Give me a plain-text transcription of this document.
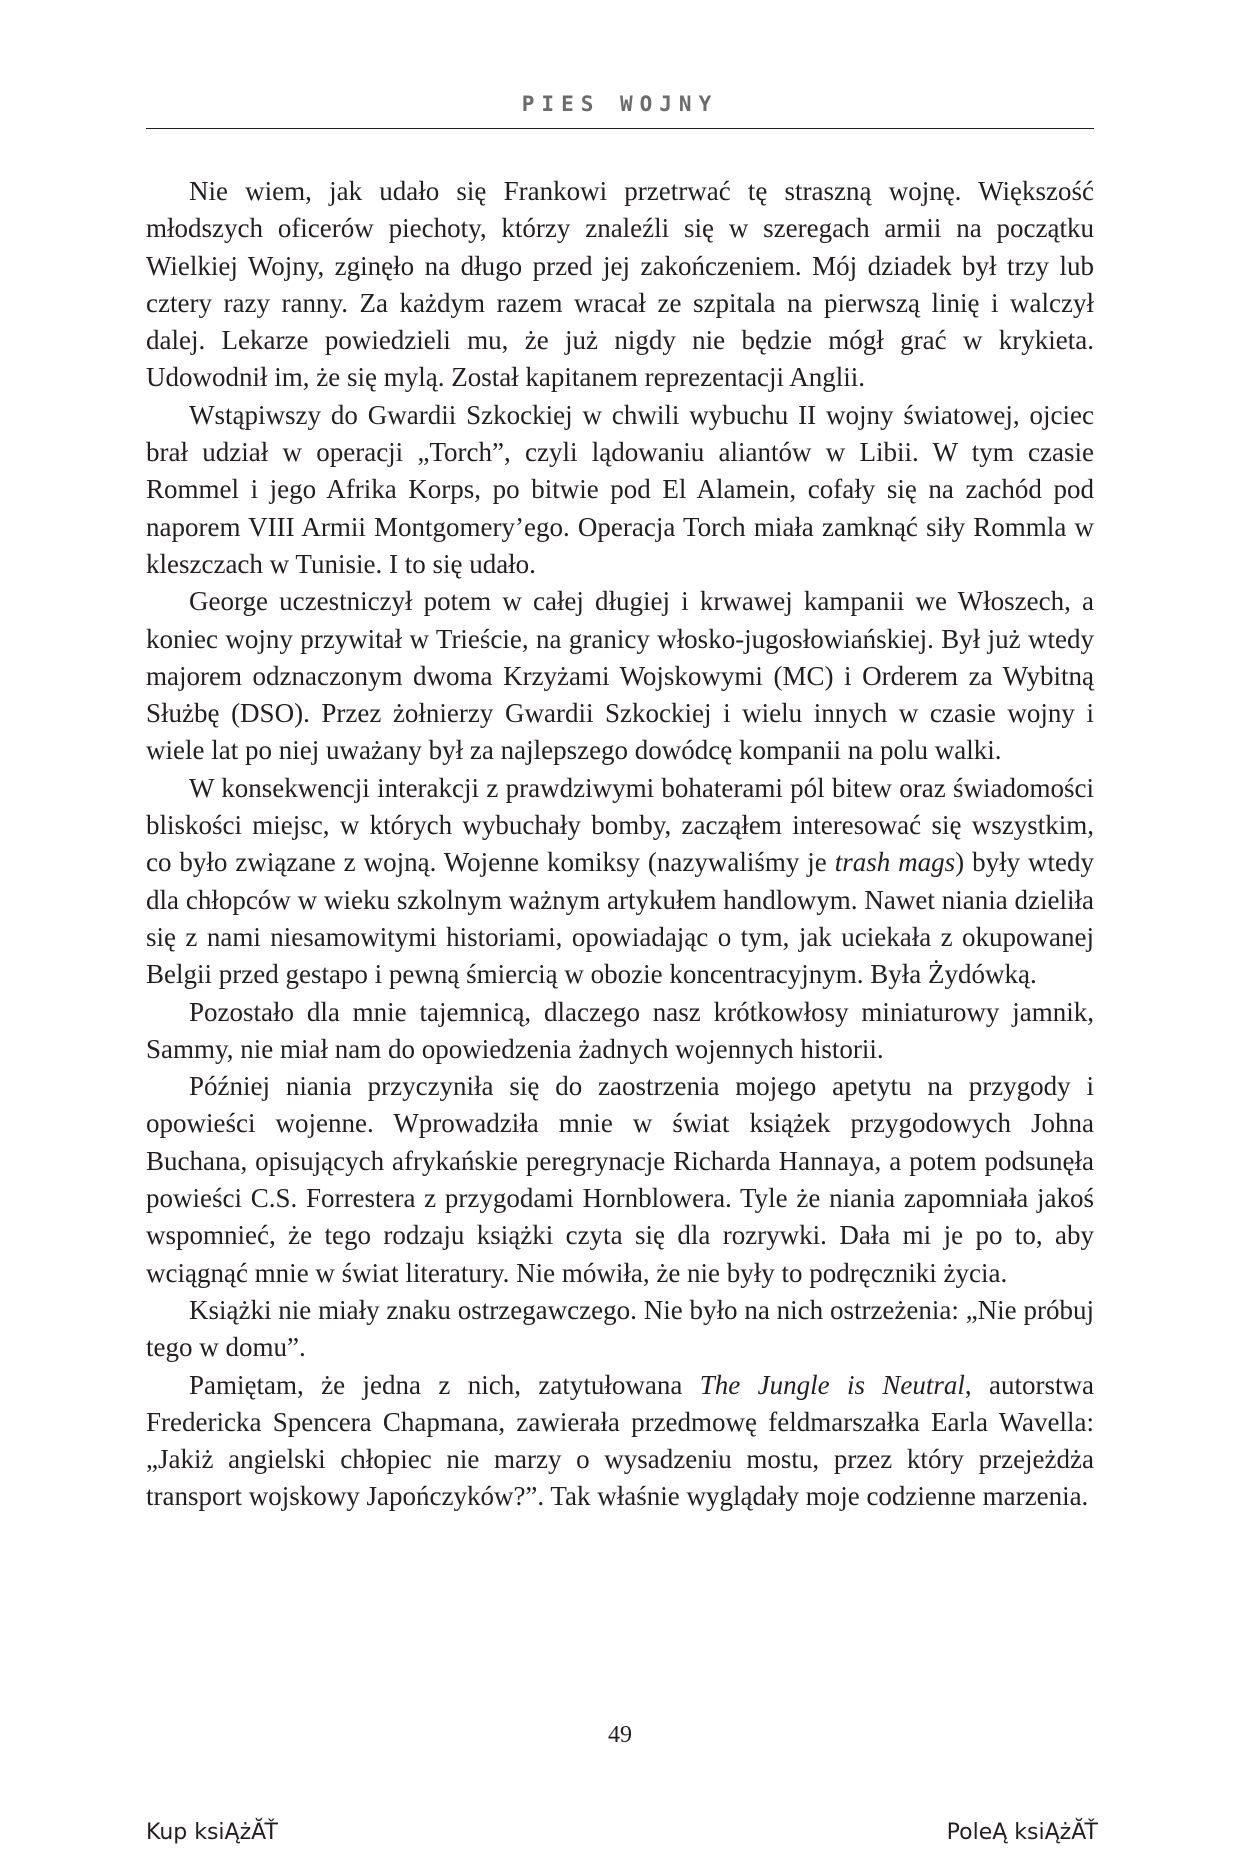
PIES WOJNY

Nie wiem, jak udało się Frankowi przetrwać tę straszną wojnę. Większość młodszych oficerów piechoty, którzy znaleźli się w szeregach armii na początku Wielkiej Wojny, zginęło na długo przed jej zakończeniem. Mój dziadek był trzy lub cztery razy ranny. Za każdym razem wracał ze szpitala na pierwszą linię i walczył dalej. Lekarze powiedzieli mu, że już nigdy nie będzie mógł grać w krykieta. Udowodnił im, że się mylą. Został kapitanem reprezentacji Anglii.

Wstąpiwszy do Gwardii Szkockiej w chwili wybuchu II wojny światowej, ojciec brał udział w operacji „Torch”, czyli lądowaniu aliantów w Libii. W tym czasie Rommel i jego Afrika Korps, po bitwie pod El Alamein, cofały się na zachód pod naporem VIII Armii Montgomery’ego. Operacja Torch miała zamknąć siły Rommla w kleszczach w Tunisie. I to się udało.

George uczestniczył potem w całej długiej i krwawej kampanii we Włoszech, a koniec wojny przywitał w Trieście, na granicy włosko-jugosłowiańskiej. Był już wtedy majorem odznaczonym dwoma Krzyżami Wojskowymi (MC) i Orderem za Wybitną Służbę (DSO). Przez żołnierzy Gwardii Szkockiej i wielu innych w czasie wojny i wiele lat po niej uważany był za najlepszego dowódcę kompanii na polu walki.

W konsekwencji interakcji z prawdziwymi bohaterami pól bitew oraz świadomości bliskości miejsc, w których wybuchały bomby, zacząłem interesować się wszystkim, co było związane z wojną. Wojenne komiksy (nazywaliśmy je trash mags) były wtedy dla chłopców w wieku szkolnym ważnym artykułem handlowym. Nawet niania dzieliła się z nami niesamowitymi historiami, opowiadając o tym, jak uciekała z okupowanej Belgii przed gestapo i pewną śmiercią w obozie koncentracyjnym. Była Żydówką.

Pozostało dla mnie tajemnicą, dlaczego nasz krótkowłosy miniaturowy jamnik, Sammy, nie miał nam do opowiedzenia żadnych wojennych historii.

Później niania przyczyniła się do zaostrzenia mojego apetytu na przygody i opowieści wojenne. Wprowadziła mnie w świat książek przygodowych Johna Buchana, opisujących afrykańskie peregrynacje Richarda Hannaya, a potem podsunęła powieści C.S. Forrestera z przygodami Hornblowera. Tyle że niania zapomniała jakoś wspomnieć, że tego rodzaju książki czyta się dla rozrywki. Dała mi je po to, aby wciągnąć mnie w świat literatury. Nie mówiła, że nie były to podręczniki życia.

Książki nie miały znaku ostrzegawczego. Nie było na nich ostrzeżenia: „Nie próbuj tego w domu”.

Pamiętam, że jedna z nich, zatytułowana The Jungle is Neutral, autorstwa Fredericka Spencera Chapmana, zawierała przedmowę feldmarszałka Earla Wavella: „Jakiż angielski chłopiec nie marzy o wysadzeniu mostu, przez który przejeżdża transport wojskowy Japończyków?”. Tak właśnie wyglądały moje codzienne marzenia.

49
Kup ksiĄżĂŤ	PoleĄ ksiĄżĂŤ
